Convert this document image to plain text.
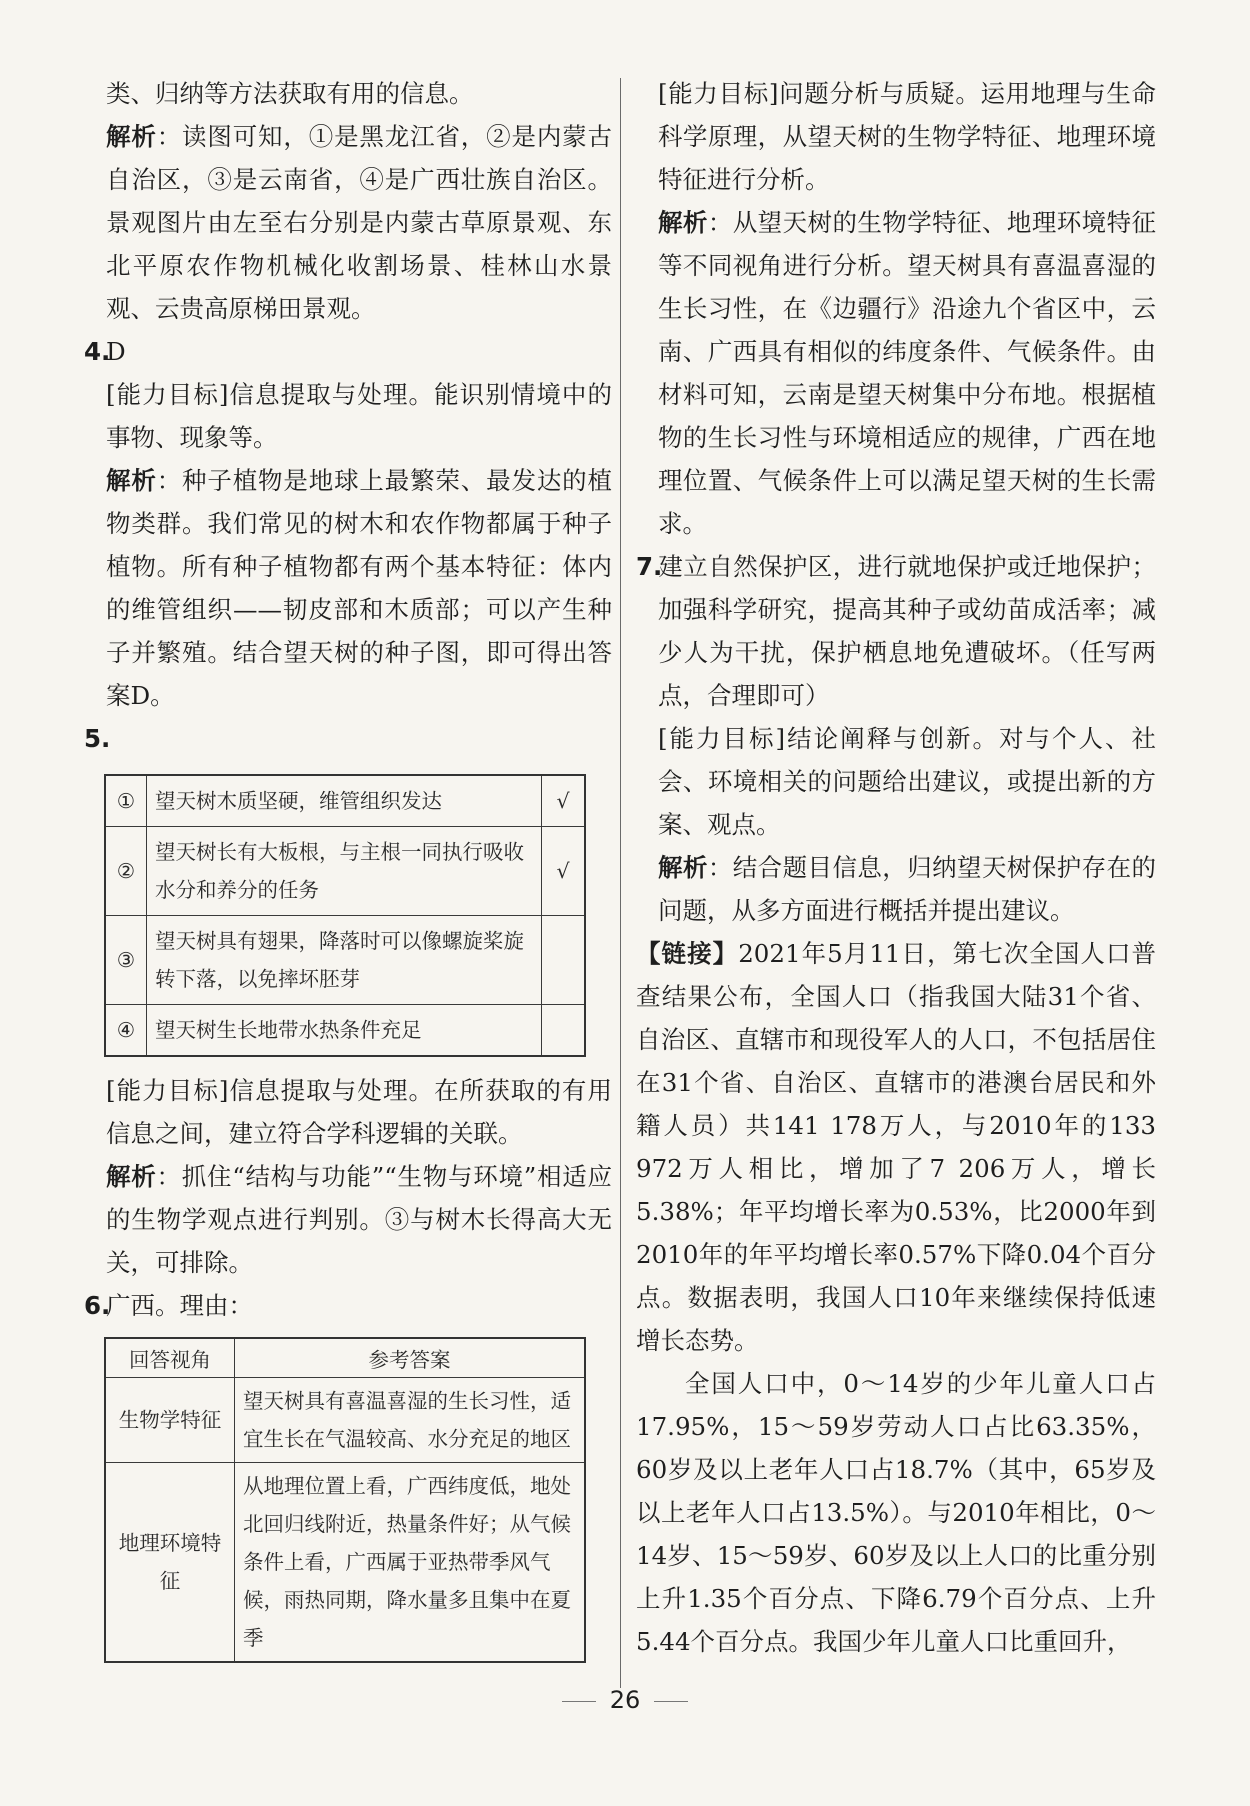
类、归纳等方法获取有用的信息。

解析：读图可知，①是黑龙江省，②是内蒙古自治区，③是云南省，④是广西壮族自治区。景观图片由左至右分别是内蒙古草原景观、东北平原农作物机械化收割场景、桂林山水景观、云贵高原梯田景观。

4.D

[能力目标]信息提取与处理。能识别情境中的事物、现象等。

解析：种子植物是地球上最繁荣、最发达的植物类群。我们常见的树木和农作物都属于种子植物。所有种子植物都有两个基本特征：体内的维管组织——韧皮部和木质部；可以产生种子并繁殖。结合望天树的种子图，即可得出答案D。

5.

①	望天树木质坚硬，维管组织发达	√
②	望天树长有大板根，与主根一同执行吸收水分和养分的任务	√
③	望天树具有翅果，降落时可以像螺旋桨旋转下落，以免摔坏胚芽	
④	望天树生长地带水热条件充足	

[能力目标]信息提取与处理。在所获取的有用信息之间，建立符合学科逻辑的关联。

解析：抓住“结构与功能”“生物与环境”相适应的生物学观点进行判别。③与树木长得高大无关，可排除。

6.广西。理由：

回答视角	参考答案
生物学特征	望天树具有喜温喜湿的生长习性，适宜生长在气温较高、水分充足的地区
地理环境特征	从地理位置上看，广西纬度低，地处北回归线附近，热量条件好；从气候条件上看，广西属于亚热带季风气候，雨热同期，降水量多且集中在夏季

[能力目标]问题分析与质疑。运用地理与生命科学原理，从望天树的生物学特征、地理环境特征进行分析。

解析：从望天树的生物学特征、地理环境特征等不同视角进行分析。望天树具有喜温喜湿的生长习性，在《边疆行》沿途九个省区中，云南、广西具有相似的纬度条件、气候条件。由材料可知，云南是望天树集中分布地。根据植物的生长习性与环境相适应的规律，广西在地理位置、气候条件上可以满足望天树的生长需求。

7.建立自然保护区，进行就地保护或迁地保护；加强科学研究，提高其种子或幼苗成活率；减少人为干扰，保护栖息地免遭破坏。（任写两点，合理即可）

[能力目标]结论阐释与创新。对与个人、社会、环境相关的问题给出建议，或提出新的方案、观点。

解析：结合题目信息，归纳望天树保护存在的问题，从多方面进行概括并提出建议。

【链接】2021年5月11日，第七次全国人口普查结果公布，全国人口（指我国大陆31个省、自治区、直辖市和现役军人的人口，不包括居住在31个省、自治区、直辖市的港澳台居民和外籍人员）共141 178万人，与2010年的133 972万人相比，增加了7 206万人，增长5.38%；年平均增长率为0.53%，比2000年到2010年的年平均增长率0.57%下降0.04个百分点。数据表明，我国人口10年来继续保持低速增长态势。

全国人口中，0～14岁的少年儿童人口占17.95%，15～59岁劳动人口占比63.35%，60岁及以上老年人口占18.7%（其中，65岁及以上老年人口占13.5%）。与2010年相比，0～14岁、15～59岁、60岁及以上人口的比重分别上升1.35个百分点、下降6.79个百分点、上升5.44个百分点。我国少年儿童人口比重回升，

26
